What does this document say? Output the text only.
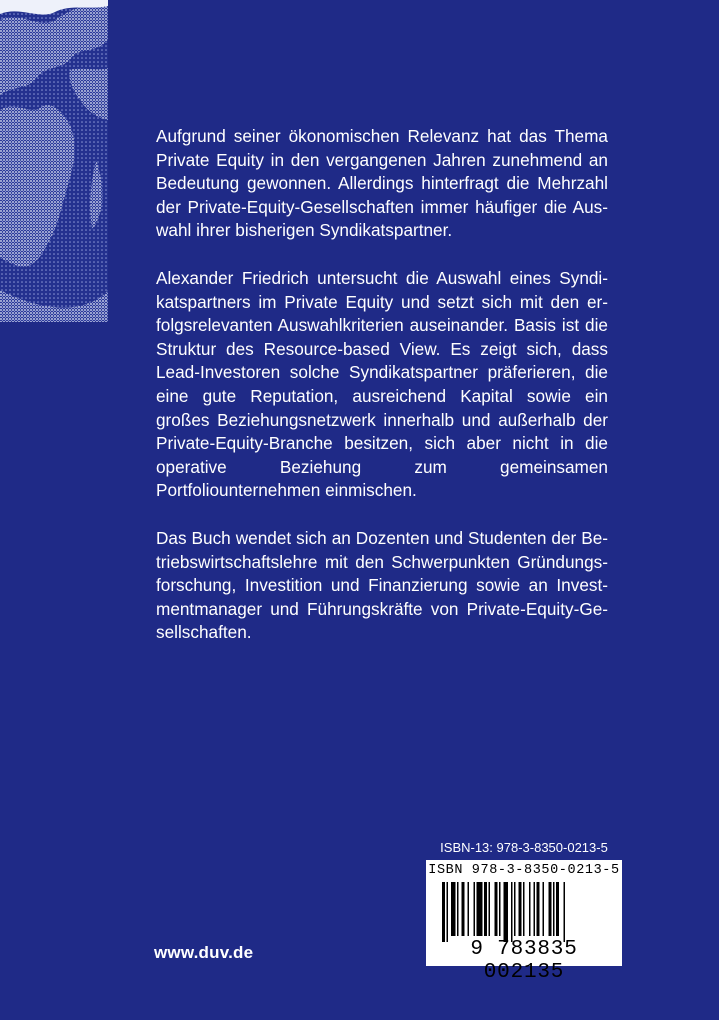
Aufgrund seiner ökonomischen Relevanz hat das Thema Private Equity in den vergangenen Jahren zunehmend an Bedeutung gewonnen. Allerdings hinterfragt die Mehrzahl der Private-Equity-Gesellschaften immer häufiger die Auswahl ihrer bisherigen Syndikatspartner.

Alexander Friedrich untersucht die Auswahl eines Syndikatspartners im Private Equity und setzt sich mit den erfolgsrelevanten Auswahlkriterien auseinander. Basis ist die Struktur des Resource-based View. Es zeigt sich, dass Lead-Investoren solche Syndikatspartner präferieren, die eine gute Reputation, ausreichend Kapital sowie ein großes Beziehungsnetzwerk innerhalb und außerhalb der Private-Equity-Branche besitzen, sich aber nicht in die operative Beziehung zum gemeinsamen Portfoliounternehmen einmischen.

Das Buch wendet sich an Dozenten und Studenten der Betriebswirtschaftslehre mit den Schwerpunkten Gründungsforschung, Investition und Finanzierung sowie an Investmentmanager und Führungskräfte von Private-Equity-Gesellschaften.

ISBN-13: 978-3-8350-0213-5
ISBN 978-3-8350-0213-5
9 783835 002135
www.duv.de
